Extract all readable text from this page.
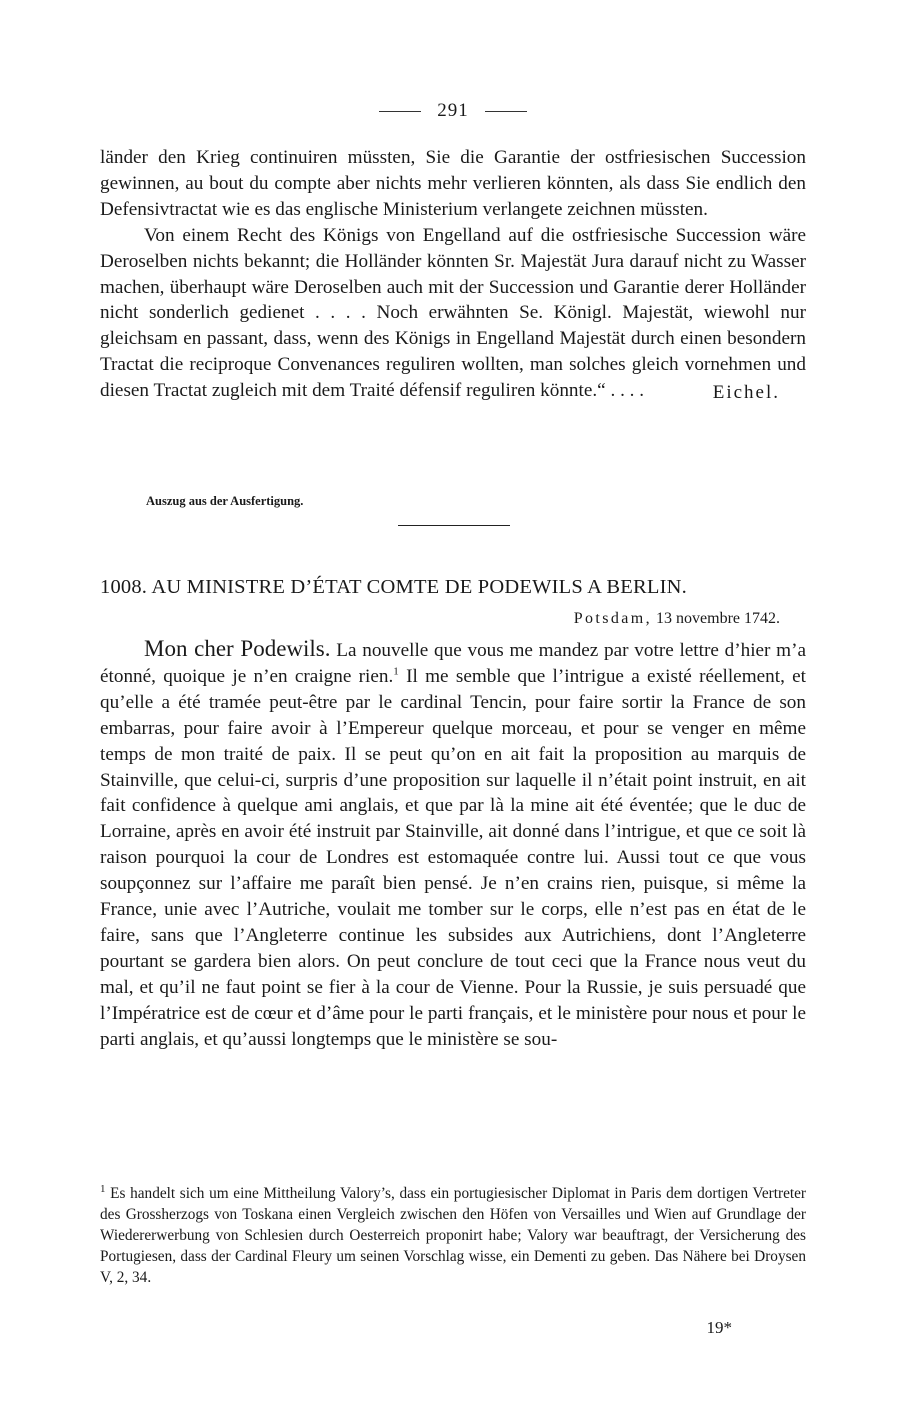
291

länder den Krieg continuiren müssten, Sie die Garantie der ostfriesischen Succession gewinnen, au bout du compte aber nichts mehr verlieren könnten, als dass Sie endlich den Defensivtractat wie es das englische Ministerium verlangete zeichnen müssten.

Von einem Recht des Königs von Engelland auf die ostfriesische Succession wäre Deroselben nichts bekannt; die Holländer könnten Sr. Majestät Jura darauf nicht zu Wasser machen, überhaupt wäre Deroselben auch mit der Succession und Garantie derer Holländer nicht sonderlich gedienet . . . . Noch erwähnten Se. Königl. Majestät, wiewohl nur gleichsam en passant, dass, wenn des Königs in Engelland Majestät durch einen besondern Tractat die reciproque Convenances reguliren wollten, man solches gleich vornehmen und diesen Tractat zugleich mit dem Traité défensif reguliren könnte.“ . . . .	Eichel.
Auszug aus der Ausfertigung.
1008. AU MINISTRE D’ÉTAT COMTE DE PODEWILS A BERLIN.
Potsdam, 13 novembre 1742.

Mon cher Podewils. La nouvelle que vous me mandez par votre lettre d’hier m’a étonné, quoique je n’en craigne rien.$^1$ Il me semble que l’intrigue a existé réellement, et qu’elle a été tramée peut-être par le cardinal Tencin, pour faire sortir la France de son embarras, pour faire avoir à l’Empereur quelque morceau, et pour se venger en même temps de mon traité de paix. Il se peut qu’on en ait fait la proposition au marquis de Stainville, que celui-ci, surpris d’une proposition sur laquelle il n’était point instruit, en ait fait confidence à quelque ami anglais, et que par là la mine ait été éventée; que le duc de Lorraine, après en avoir été instruit par Stainville, ait donné dans l’intrigue, et que ce soit là raison pourquoi la cour de Londres est estomaquée contre lui. Aussi tout ce que vous soupçonnez sur l’affaire me paraît bien pensé. Je n’en crains rien, puisque, si même la France, unie avec l’Autriche, voulait me tomber sur le corps, elle n’est pas en état de le faire, sans que l’Angleterre continue les subsides aux Autrichiens, dont l’Angleterre pourtant se gardera bien alors. On peut conclure de tout ceci que la France nous veut du mal, et qu’il ne faut point se fier à la cour de Vienne. Pour la Russie, je suis persuadé que l’Impératrice est de cœur et d’âme pour le parti français, et le ministère pour nous et pour le parti anglais, et qu’aussi longtemps que le ministère se sou-

$^1$ Es handelt sich um eine Mittheilung Valory’s, dass ein portugiesischer Diplomat in Paris dem dortigen Vertreter des Grossherzogs von Toskana einen Vergleich zwischen den Höfen von Versailles und Wien auf Grundlage der Wiedererwerbung von Schlesien durch Oesterreich proponirt habe; Valory war beauftragt, der Versicherung des Portugiesen, dass der Cardinal Fleury um seinen Vorschlag wisse, ein Dementi zu geben. Das Nähere bei Droysen V, 2, 34.

19*
